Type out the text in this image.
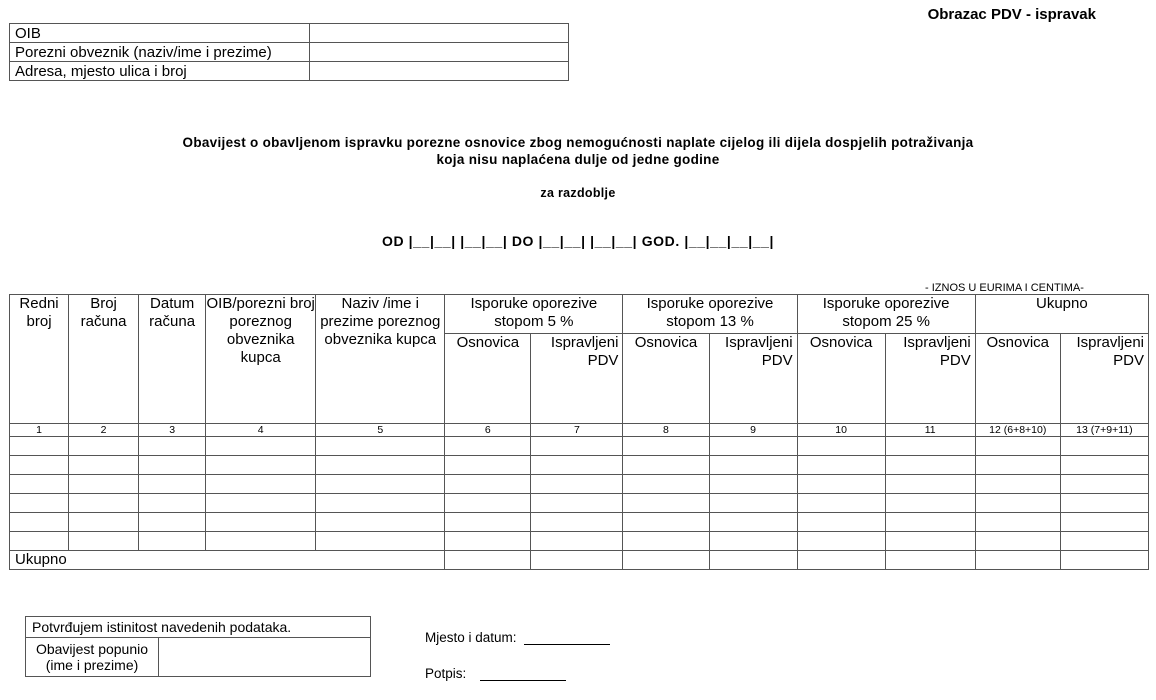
Obrazac PDV - ispravak
OIB	
Porezni obveznik (naziv/ime i prezime)	
Adresa, mjesto ulica i broj	
Obavijest o obavljenom ispravku porezne osnovice zbog nemogućnosti naplate cijelog ili dijela dospjelih potraživanja
koja nisu naplaćena dulje od jedne godine
za razdoblje
OD |__|__| |__|__| DO |__|__| |__|__| GOD. |__|__|__|__|
- IZNOS U EURIMA I CENTIMA-
Redni broj	Broj računa	Datum računa	OIB/porezni broj poreznog obveznika kupca	Naziv /ime i prezime poreznog obveznika kupca	Isporuke oporezive stopom 5 %		Isporuke oporezive stopom 13 %		Isporuke oporezive stopom 25 %		Ukupno	
					Osnovica	Ispravljeni PDV	Osnovica	Ispravljeni PDV	Osnovica	Ispravljeni PDV	Osnovica	Ispravljeni PDV
1	2	3	4	5	6	7	8	9	10	11	12 (6+8+10)	13 (7+9+11)

Ukupno												
Potvrđujem istinitost navedenih podataka.
Obavijest popunio (ime i prezime)	
Mjesto i datum:
Potpis:
